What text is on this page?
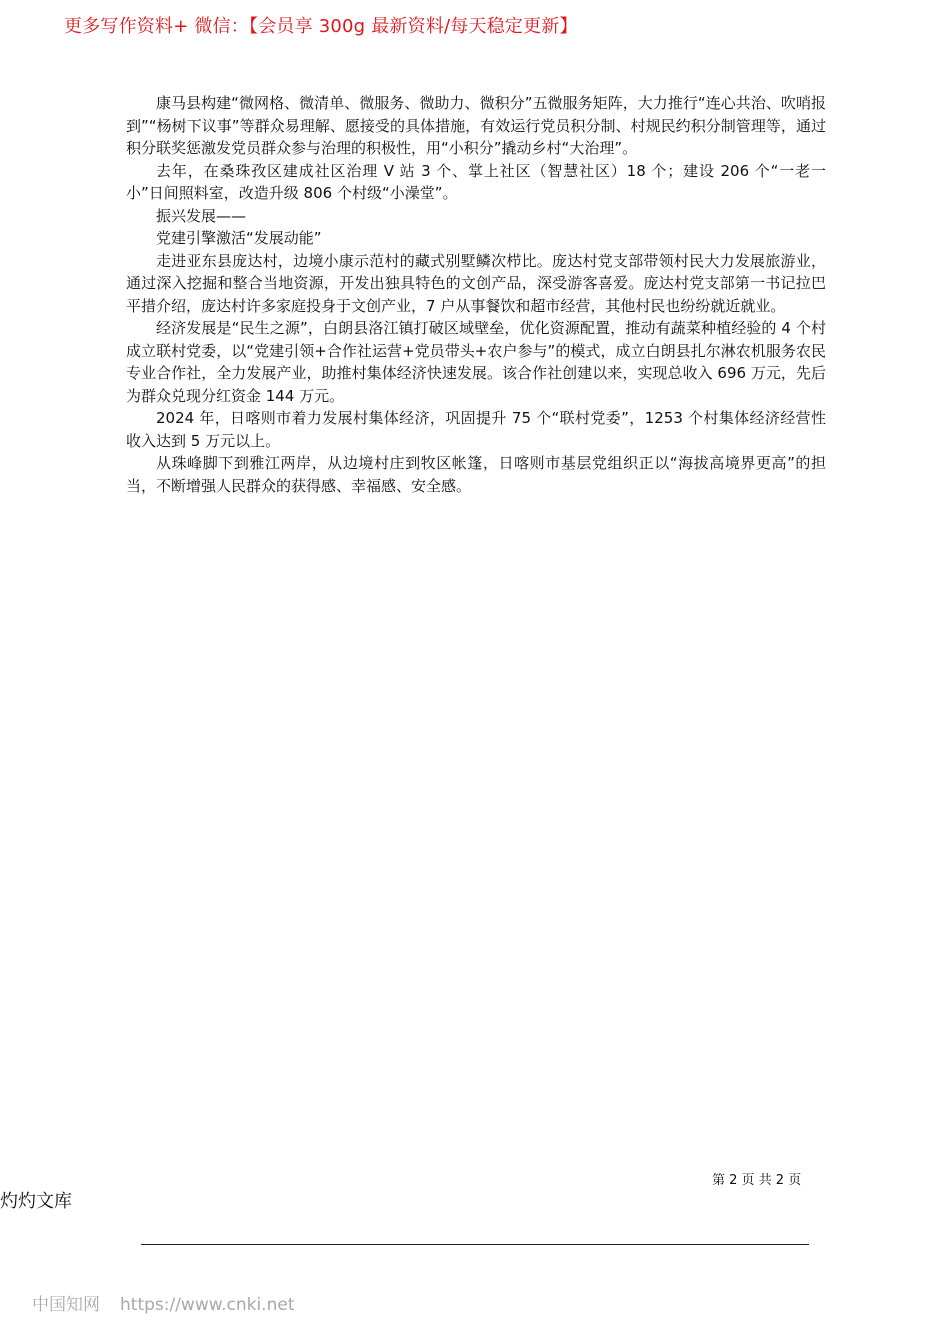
更多写作资料+ 微信：【会员享 300g 最新资料/每天稳定更新】

康马县构建“微网格、微清单、微服务、微助力、微积分”五微服务矩阵，大力推行“连心共治、吹哨报到”“杨树下议事”等群众易理解、愿接受的具体措施，有效运行党员积分制、村规民约积分制管理等，通过积分联奖惩激发党员群众参与治理的积极性，用“小积分”撬动乡村“大治理”。

去年，在桑珠孜区建成社区治理 V 站 3 个、掌上社区（智慧社区）18 个；建设 206 个“一老一小”日间照料室，改造升级 806 个村级“小澡堂”。

振兴发展——

党建引擎激活“发展动能”

走进亚东县庞达村，边境小康示范村的藏式别墅鳞次栉比。庞达村党支部带领村民大力发展旅游业，通过深入挖掘和整合当地资源，开发出独具特色的文创产品，深受游客喜爱。庞达村党支部第一书记拉巴平措介绍，庞达村许多家庭投身于文创产业，7 户从事餐饮和超市经营，其他村民也纷纷就近就业。

经济发展是“民生之源”，白朗县洛江镇打破区域壁垒，优化资源配置，推动有蔬菜种植经验的 4 个村成立联村党委，以“党建引领+合作社运营+党员带头+农户参与”的模式，成立白朗县扎尔淋农机服务农民专业合作社，全力发展产业，助推村集体经济快速发展。该合作社创建以来，实现总收入 696 万元，先后为群众兑现分红资金 144 万元。

2024 年，日喀则市着力发展村集体经济，巩固提升 75 个“联村党委”，1253 个村集体经济经营性收入达到 5 万元以上。

从珠峰脚下到雅江两岸，从边境村庄到牧区帐篷，日喀则市基层党组织正以“海拔高境界更高”的担当，不断增强人民群众的获得感、幸福感、安全感。

第 2 页 共 2 页
灼灼文库
中国知网 https://www.cnki.net
